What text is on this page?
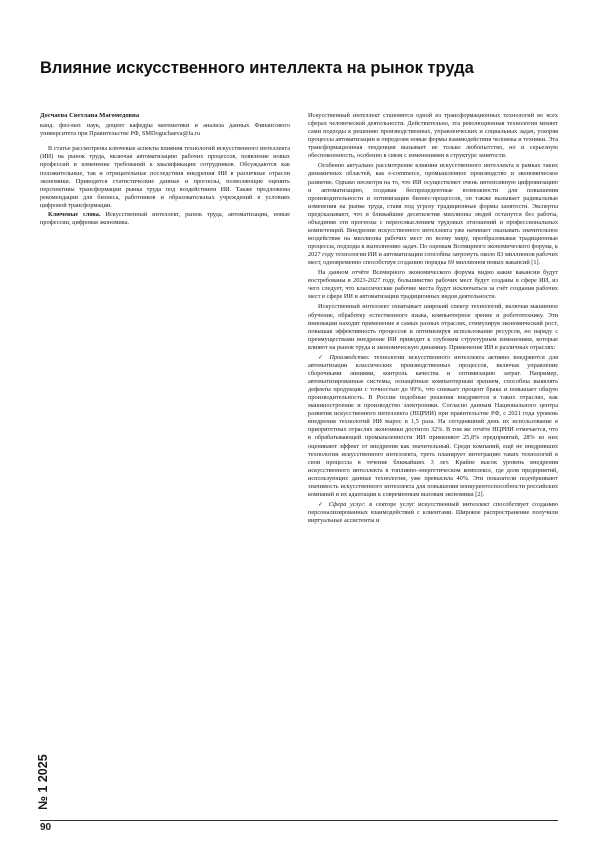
Влияние искусственного интеллекта на рынок труда
Досчаева Светлана Магомедовна
канд. физ-мат. наук, доцент кафедры математики и анализа данных Финансового университета при Правительстве РФ, SMDoguchaeva@fa.ru
В статье рассмотрены ключевые аспекты влияния технологий искусственного интеллекта (ИИ) на рынок труда, включая автоматизацию рабочих процессов, появление новых профессий и изменение требований к квалификации сотрудников. Обсуждаются как положительные, так и отрицательные последствия внедрения ИИ в различные отрасли экономики. Приводятся статистические данные и прогнозы, позволяющие оценить перспективы трансформации рынка труда под воздействием ИИ. Также предложены рекомендации для бизнеса, работников и образовательных учреждений в условиях цифровой трансформации.
Ключевые слова. Искусственный интеллект, рынок труда, автоматизация, новые профессии, цифровая экономика.
Искусственный интеллект становится одной из трансформационных технологий во всех сферах человеческой деятельности. Действительно, эта революционная технология меняет сами подходы к решению производственных, управленческих и социальных задач, ускоряя процессы автоматизации и определяя новые формы взаимодействия человека и техники. Эта трансформационная тенденция вызывает не только любопытство, но и серьезную обеспокоенность, особенно в связи с изменениями в структуре занятости.
Особенно актуально рассмотрение влияния искусственного интеллекта в рамках таких динамичных областей, как e-commerce, промышленное производство и экономическое развитие. Однако несмотря на то, что ИИ осуществляет очень интенсивную цифровизацию и автоматизацию, создавая беспрецедентные возможности для повышения производительности и оптимизации бизнес-процессов, он также вызывает радикальные изменения на рынке труда, ставя под угрозу традиционные формы занятости. Эксперты предсказывают, что в ближайшие десятилетия миллионы людей останутся без работы, объединяя эти прогнозы с переосмыслением трудовых отношений и профессиональных компетенций. Внедрение искусственного интеллекта уже начинает оказывать значительное воздействие на миллионы рабочих мест по всему миру, преобразовывая традиционные процессы, подходы к выполнению задач. По оценкам Всемирного экономического форума, к 2027 году технологии ИИ и автоматизации способны затронуть около 83 миллионов рабочих мест, одновременно способствуя созданию порядка 69 миллионов новых вакансий [1].
На данном отчёте Всемирного экономического форума видно какие вакансии будут востребованы в 2023-2027 году, большинство рабочих мест будут созданы в сфере ИИ, из чего следует, что классические рабочие места будут исключаться за счёт создания рабочих мест в сфере ИИ и автоматизации традиционных видов деятельности.
Искусственный интеллект охватывает широкий спектр технологий, включая машинное обучение, обработку естественного языка, компьютерное зрение и робототехнику. Эти инновации находят применение в самых разных отраслях, стимулируя экономический рост, повышая эффективность процессов и оптимизируя использование ресурсов, но наряду с преимуществами внедрение ИИ приводит к глубоким структурным изменениям, которые влияют на рынок труда и экономическую динамику. Применение ИИ в различных отраслях:
✓ Производство: технологии искусственного интеллекта активно внедряются для автоматизации классических производственных процессов, включая управление сборочными линиями, контроль качества и оптимизацию затрат. Например, автоматизированные системы, оснащённые компьютерным зрением, способны выявлять дефекты продукции с точностью до 99%, что снижает процент брака и повышает общую производительность. В России подобные решения внедряются в таких отраслях, как машиностроение и производство электроники. Согласно данным Национального центра развития искусственного интеллекта (НЦРИИ) при правительстве РФ, с 2021 года уровень внедрения технологий ИИ вырос в 1,5 раза. На сегодняшний день их использование в приоритетных отраслях экономики достигло 32%. В том же отчёте НЦРИИ отмечается, что в обрабатывающей промышленности ИИ применяют 25,8% предприятий, 28% из них оценивают эффект от внедрения как значительный. Среди компаний, ещё не внедривших технологии искусственного интеллекта, треть планирует интеграцию таких технологий в свои процессы в течение ближайших 3 лет. Крайне высок уровень внедрения искусственного интеллекта в топливно-энергетическом комплексе, где доля предприятий, использующих данные технологии, уже превысила 40%. Эти показатели подчёркивают значимость искусственного интеллекта для повышения конкурентоспособности российских компаний и их адаптации к современным вызовам экономики [2].
✓ Сфера услуг: в секторе услуг искусственный интеллект способствует созданию персонализированных взаимодействий с клиентами. Широкое распространение получили виртуальные ассистенты и
№ 1 2025
90
